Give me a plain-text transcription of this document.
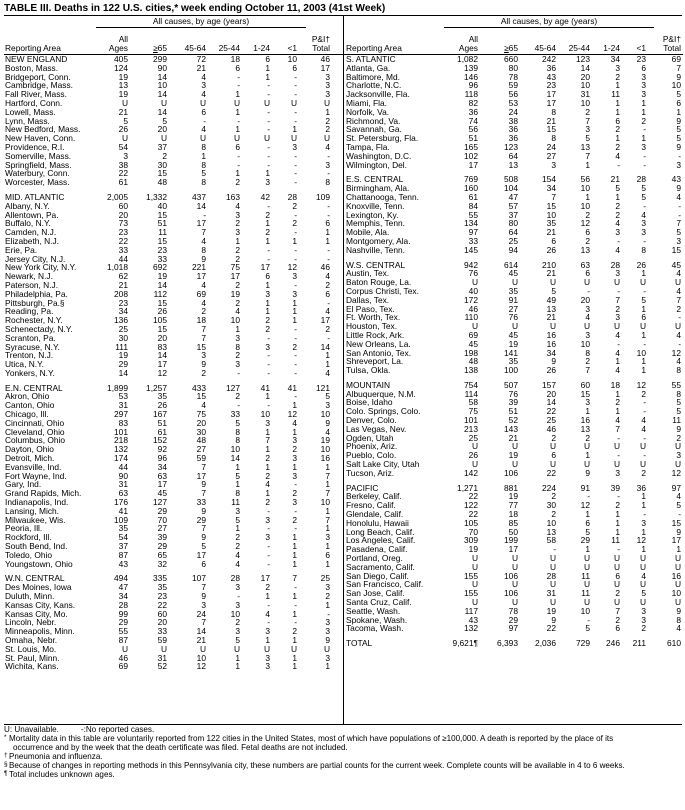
TABLE III. Deaths in 122 U.S. cities,* week ending October 11, 2003 (41st Week)
All causes, by age (years)
Reporting Area
All
Ages	≥65 45-64 25-44 1-24 <1
P&I†
Total
NEW ENGLAND	405	299	72	18	6 10	46
Boston, Mass.	124	90	21	6	1	6	17
Bridgeport, Conn.	19	14	4	-	1	-	3
Cambridge, Mass.	13	10	3	-	-	-	3
Fall River, Mass.	19	14	4	1	-	-	3
Hartford, Conn.	U	U	U	U	U U	U
Lowell, Mass.	21	14	6	1	-	-	1
Lynn, Mass.	5	5	-	-	-	-	2
New Bedford, Mass.	26	20	4	1	-	1	2
New Haven, Conn.	U	U	U	U	U U	U
Providence, R.I.	54	37	8	6	-	3	4
Somerville, Mass.	3	2	1	-	-	-	-
Springfield, Mass.	38	30	8	-	-	-	3
Waterbury, Conn.	22	15	5	1	1	-	-
Worcester, Mass.	61	48	8	2	3	-	8
MID. ATLANTIC	2,005 1,332	437 163 42 28 109
Albany, N.Y.	60	40	14	4	-	2	-
Allentown, Pa.	20	15	-	3	2	-	-
Buffalo, N.Y.	73	51	17	2	1	2	6
Camden, N.J.	23	11	7	3	2	-	1
Elizabeth, N.J.	22	15	4	1	1	1	1
Erie, Pa.	33	23	8	2	-	-	-
Jersey City, N.J.	44	33	9	2	-	-	-
New York City, N.Y.	1,018	692	221	75 17 12	46
Newark, N.J.	62	19	17	17	6	3	4
Paterson, N.J.	21	14	4	2	1	-	2
Philadelphia, Pa.	208	112	69	19	3	3	6
Pittsburgh, Pa.§	23	15	4	2	1	1	-
Reading, Pa.	34	26	2	4	1	1	4
Rochester, N.Y.	136	105	18	10	2	1	17
Schenectady, N.Y.	25	15	7	1	2	-	2
Scranton, Pa.	30	20	7	3	-	-	-
Syracuse, N.Y.	111	83	15	8	3	2	14
Trenton, N.J.	19	14	3	2	-	-	1
Utica, N.Y.	29	17	9	3	-	-	1
Yonkers, N.Y.	14	12	2	-	-	-	4
E.N. CENTRAL	1,899 1,257	433 127 41 41 121
Akron, Ohio	53	35	15	2	1	-	5
Canton, Ohio	31	26	4	-	-	1	3
Chicago, Ill.	297	167	75	33 10 12	10
Cincinnati, Ohio	83	51	20	5	3	4	9
Cleveland, Ohio	101	61	30	8	1	1	4
Columbus, Ohio	218	152	48	8	7	3	19
Dayton, Ohio	132	92	27	10	1	2	10
Detroit, Mich.	174	96	59	14	2	3	16
Evansville, Ind.	44	34	7	1	1	1	1
Fort Wayne, Ind.	90	63	17	5	2	3	7
Gary, Ind.	31	17	9	1	4	-	1
Grand Rapids, Mich.	63	45	7	8	1	2	7
Indianapolis, Ind.	176	127	33	11	2	3	10
Lansing, Mich.	41	29	9	3	-	-	1
Milwaukee, Wis.	109	70	29	5	3	2	7
Peoria, Ill.	35	27	7	1	-	-	1
Rockford, Ill.	54	39	9	2	3	1	3
South Bend, Ind.	37	29	5	2	-	1	1
Toledo, Ohio	87	65	17	4	-	1	6
Youngstown, Ohio	43	32	6	4	-	1	1
W.N. CENTRAL	494	335	107	28 17	7	25
Des Moines, Iowa	47	35	7	3	2	-	3
Duluth, Minn.	34	23	9	-	1	1	2
Kansas City, Kans.	28	22	3	3	-	-	1
Kansas City, Mo.	99	60	24	10	4	1	-
Lincoln, Nebr.	29	20	7	2	-	-	3
Minneapolis, Minn.	55	33	14	3	3	2	3
Omaha, Nebr.	87	59	21	5	1	1	9
St. Louis, Mo.	U	U	U	U	U U	U
St. Paul, Minn.	46	31	10	1	3	1	3
Wichita, Kans.	69	52	12	1	3	1	1
All causes, by age (years)
Reporting Area
All
Ages	≥65 45-64 25-44 1-24 <1
P&I†
Total
S. ATLANTIC	1,082	660	242 123 34 23	69
Atlanta, Ga.	139	80	36	14	3	6	7
Baltimore, Md.	146	78	43	20	2	3	9
Charlotte, N.C.	96	59	23	10	1	3	10
Jacksonville, Fla.	118	56	17	31	11	3	5
Miami, Fla.	82	53	17	10	1	1	6
Norfolk, Va.	36	24	8	2	1	1	1
Richmond, Va.	74	38	21	7	6	2	9
Savannah, Ga.	56	36	15	3	2	-	5
St. Petersburg, Fla.	51	36	8	5	1	1	5
Tampa, Fla.	165	123	24	13	2	3	9
Washington, D.C.	102	64	27	7	4	-	-
Wilmington, Del.	17	13	3	1	-	-	3
E.S. CENTRAL	769	508	154	56 21 28	43
Birmingham, Ala.	160	104	34	10	5	5	9
Chattanooga, Tenn.	61	47	7	1	1	5	4
Knoxville, Tenn.	84	57	15	10	2	-	-
Lexington, Ky.	55	37	10	2	2	4	-
Memphis, Tenn.	134	80	35	12	4	3	7
Mobile, Ala.	97	64	21	6	3	3	5
Montgomery, Ala.	33	25	6	2	-	-	3
Nashville, Tenn.	145	94	26	13	4	8	15
W.S. CENTRAL	942	614	210	63 28 26	45
Austin, Tex.	76	45	21	6	3	1	4
Baton Rouge, La.	U	U	U	U	U U	U
Corpus Christi, Tex.	40	35	5	-	-	-	4
Dallas, Tex.	172	91	49	20	7	5	7
El Paso, Tex.	46	27	13	3	2	1	2
Ft. Worth, Tex.	110	76	21	4	3	6	-
Houston, Tex.	U	U	U	U	U U	U
Little Rock, Ark.	69	45	16	3	4	1	4
New Orleans, La.	45	19	16	10	-	-	-
San Antonio, Tex.	198	141	34	8	4 10	12
Shreveport, La.	48	35	9	2	1	1	4
Tulsa, Okla.	138	100	26	7	4	1	8
MOUNTAIN	754	507	157	60 18 12	55
Albuquerque, N.M.	114	76	20	15	1	2	8
Boise, Idaho	58	39	14	3	2	-	5
Colo. Springs, Colo.	75	51	22	1	1	-	5
Denver, Colo.	101	52	25	16	4	4	11
Las Vegas, Nev.	213	143	46	13	7	4	9
Ogden, Utah	25	21	2	2	-	-	2
Phoenix, Ariz.	U	U	U	U	U U	U
Pueblo, Colo.	26	19	6	1	-	-	3
Salt Lake City, Utah	U	U	U	U	U U	U
Tucson, Ariz.	142	106	22	9	3	2	12
PACIFIC	1,271	881	224	91 39 36	97
Berkeley, Calif.	22	19	2	-	-	1	4
Fresno, Calif.	122	77	30	12	2	1	5
Glendale, Calif.	22	18	2	1	1	-	-
Honolulu, Hawaii	105	85	10	6	1	3	15
Long Beach, Calif.	70	50	13	5	1	1	9
Los Angeles, Calif.	309	199	58	29	11 12	17
Pasadena, Calif.	19	17	-	1	-	1	1
Portland, Oreg.	U	U	U	U	U U	U
Sacramento, Calif.	U	U	U	U	U U	U
San Diego, Calif.	155	106	28	11	6	4	16
San Francisco, Calif.	U	U	U	U	U U	U
San Jose, Calif.	155	106	31	11	2	5	10
Santa Cruz, Calif.	U	U	U	U	U U	U
Seattle, Wash.	117	78	19	10	7	3	9
Spokane, Wash.	43	29	9	-	2	3	8
Tacoma, Wash.	132	97	22	5	6	2	4
TOTAL	9,621¶ 6,393 2,036 729 246 211	610
U: Unavailable.	-:No reported cases.
* Mortality data in this table are voluntarily reported from 122 cities in the United States, most of which have populations of ≥100,000. A death is reported by the place of its
occurrence and by the week that the death certificate was filed. Fetal deaths are not included.
† Pneumonia and influenza.
§ Because of changes in reporting methods in this Pennsylvania city, these numbers are partial counts for the current week. Complete counts will be available in 4 to 6 weeks.
¶ Total includes unknown ages.
